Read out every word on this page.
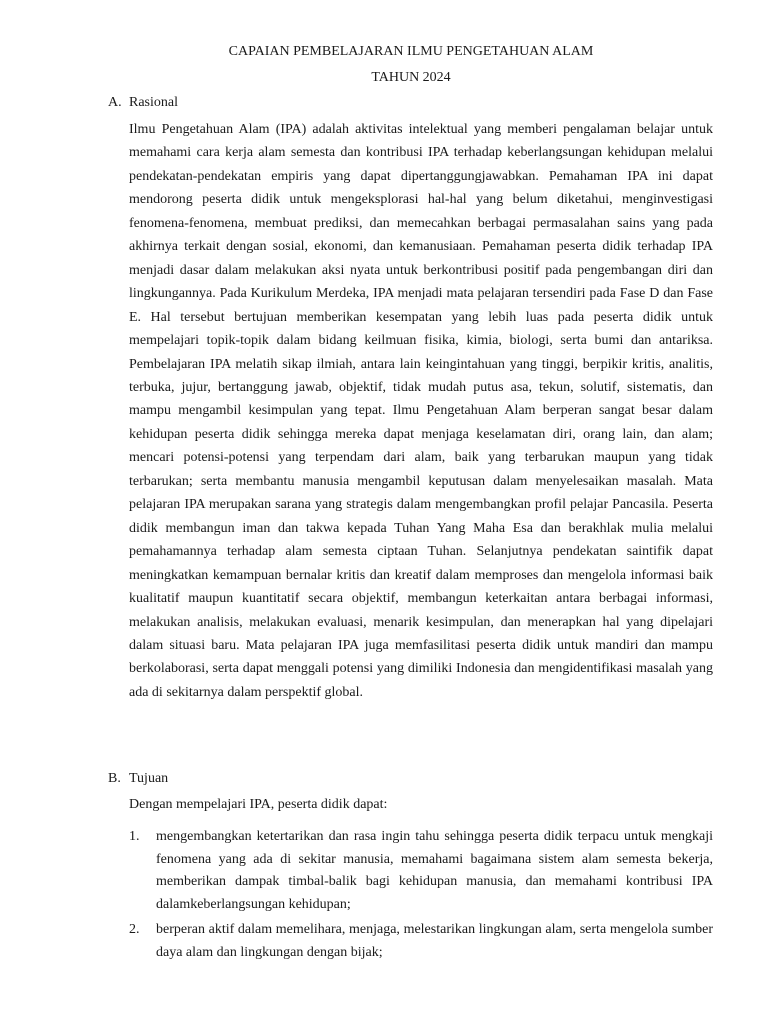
CAPAIAN PEMBELAJARAN ILMU PENGETAHUAN ALAM
TAHUN 2024
A. Rasional

Ilmu Pengetahuan Alam (IPA) adalah aktivitas intelektual yang memberi pengalaman belajar untuk memahami cara kerja alam semesta dan kontribusi IPA terhadap keberlangsungan kehidupan melalui pendekatan-pendekatan empiris yang dapat dipertanggungjawabkan. Pemahaman IPA ini dapat mendorong peserta didik untuk mengeksplorasi hal-hal yang belum diketahui, menginvestigasi fenomena-fenomena, membuat prediksi, dan memecahkan berbagai permasalahan sains yang pada akhirnya terkait dengan sosial, ekonomi, dan kemanusiaan. Pemahaman peserta didik terhadap IPA menjadi dasar dalam melakukan aksi nyata untuk berkontribusi positif pada pengembangan diri dan lingkungannya. Pada Kurikulum Merdeka, IPA menjadi mata pelajaran tersendiri pada Fase D dan Fase E. Hal tersebut bertujuan memberikan kesempatan yang lebih luas pada peserta didik untuk mempelajari topik-topik dalam bidang keilmuan fisika, kimia, biologi, serta bumi dan antariksa. Pembelajaran IPA melatih sikap ilmiah, antara lain keingintahuan yang tinggi, berpikir kritis, analitis, terbuka, jujur, bertanggung jawab, objektif, tidak mudah putus asa, tekun, solutif, sistematis, dan mampu mengambil kesimpulan yang tepat. Ilmu Pengetahuan Alam berperan sangat besar dalam kehidupan peserta didik sehingga mereka dapat menjaga keselamatan diri, orang lain, dan alam; mencari potensi-potensi yang terpendam dari alam, baik yang terbarukan maupun yang tidak terbarukan; serta membantu manusia mengambil keputusan dalam menyelesaikan masalah. Mata pelajaran IPA merupakan sarana yang strategis dalam mengembangkan profil pelajar Pancasila. Peserta didik membangun iman dan takwa kepada Tuhan Yang Maha Esa dan berakhlak mulia melalui pemahamannya terhadap alam semesta ciptaan Tuhan. Selanjutnya pendekatan saintifik dapat meningkatkan kemampuan bernalar kritis dan kreatif dalam memproses dan mengelola informasi baik kualitatif maupun kuantitatif secara objektif, membangun keterkaitan antara berbagai informasi, melakukan analisis, melakukan evaluasi, menarik kesimpulan, dan menerapkan hal yang dipelajari dalam situasi baru. Mata pelajaran IPA juga memfasilitasi peserta didik untuk mandiri dan mampu berkolaborasi, serta dapat menggali potensi yang dimiliki Indonesia dan mengidentifikasi masalah yang ada di sekitarnya dalam perspektif global.

B. Tujuan
Dengan mempelajari IPA, peserta didik dapat:
1. mengembangkan ketertarikan dan rasa ingin tahu sehingga peserta didik terpacu untuk mengkaji fenomena yang ada di sekitar manusia, memahami bagaimana sistem alam semesta bekerja, memberikan dampak timbal-balik bagi kehidupan manusia, dan memahami kontribusi IPA dalamkeberlangsungan kehidupan;
2. berperan aktif dalam memelihara, menjaga, melestarikan lingkungan alam, serta mengelola sumber daya alam dan lingkungan dengan bijak;
